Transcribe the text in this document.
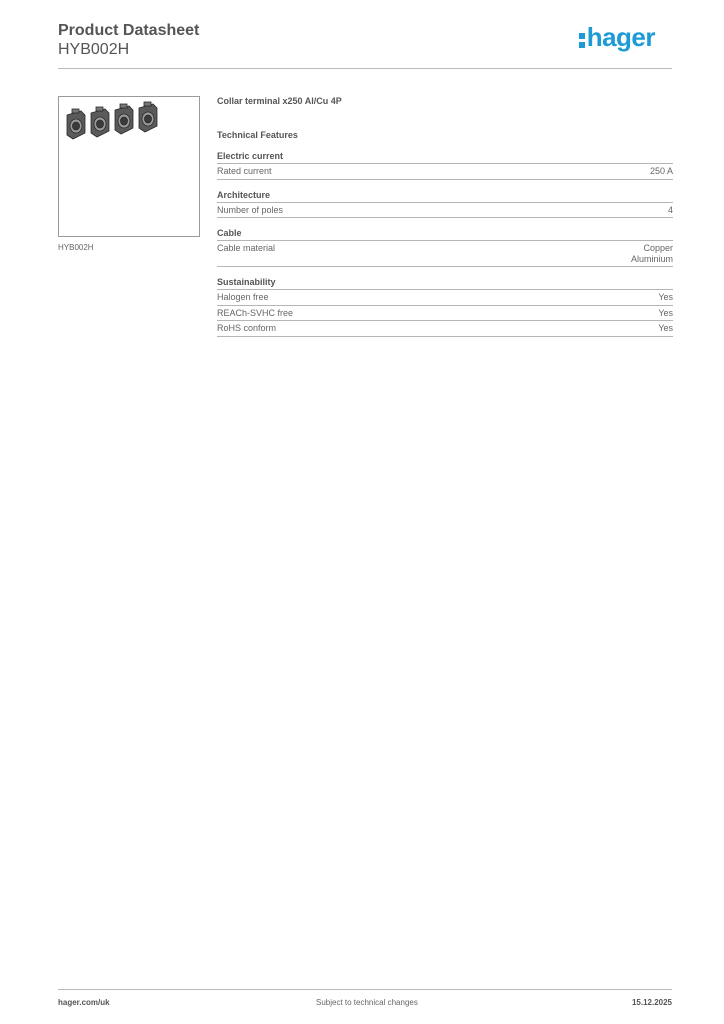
Product Datasheet
HYB002H	hager
HYB002H
Collar terminal x250 Al/Cu 4P
Technical Features
Electric current
Rated current	250 A
Architecture
Number of poles	4
Cable
Cable material	Copper
Aluminium
Sustainability
Halogen free	Yes
REACh-SVHC free	Yes
RoHS conform	Yes
hager.com/uk	Subject to technical changes	15.12.2025
